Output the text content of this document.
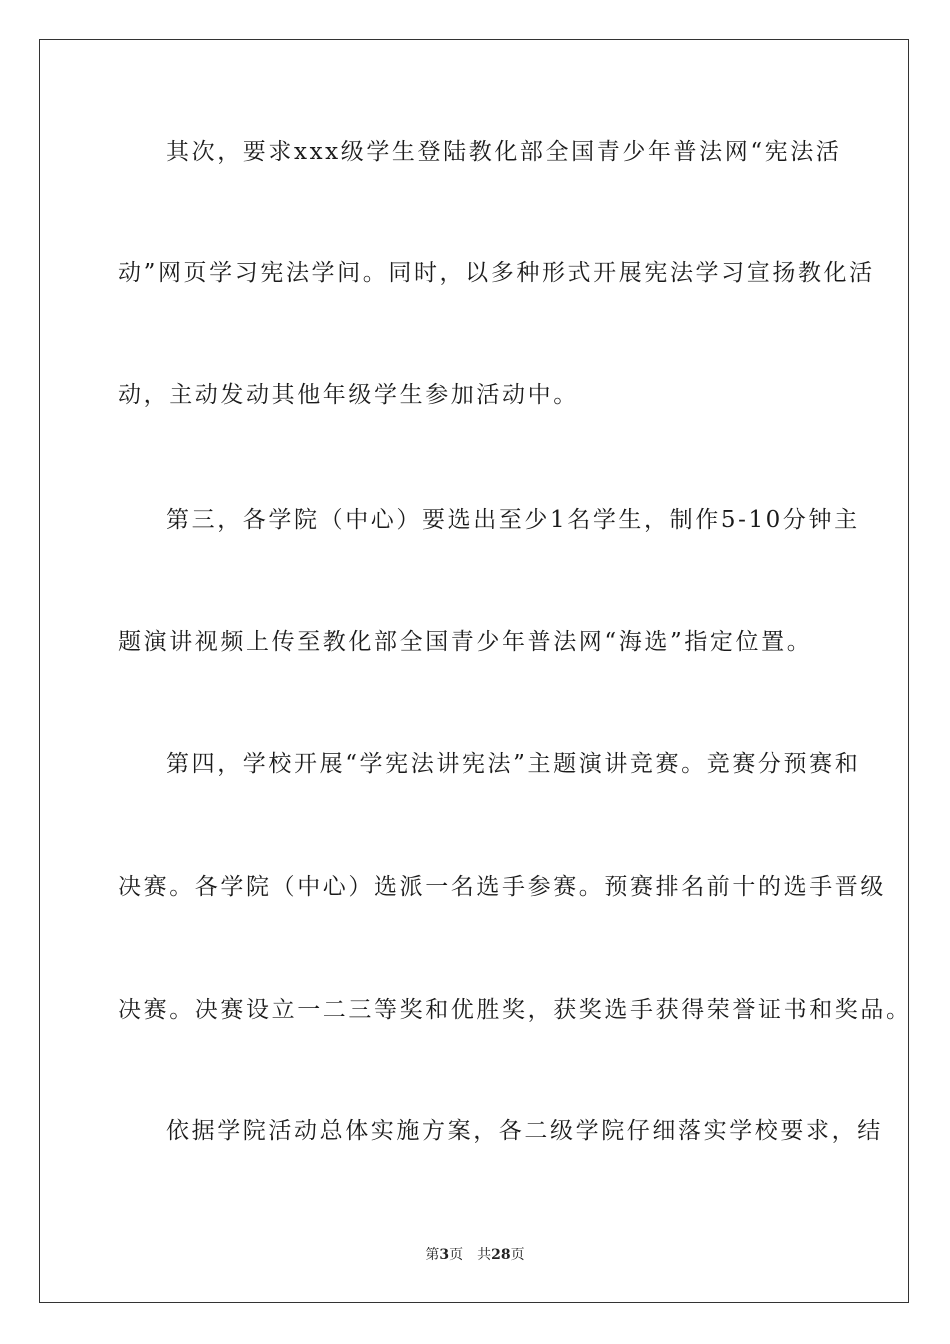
其次，要求xxx级学生登陆教化部全国青少年普法网“宪法活
动”网页学习宪法学问。同时，以多种形式开展宪法学习宣扬教化活
动，主动发动其他年级学生参加活动中。
第三，各学院（中心）要选出至少1名学生，制作5-10分钟主
题演讲视频上传至教化部全国青少年普法网“海选”指定位置。
第四，学校开展“学宪法讲宪法”主题演讲竞赛。竞赛分预赛和
决赛。各学院（中心）选派一名选手参赛。预赛排名前十的选手晋级
决赛。决赛设立一二三等奖和优胜奖，获奖选手获得荣誉证书和奖品。
依据学院活动总体实施方案，各二级学院仔细落实学校要求，结
第3页 共28页
